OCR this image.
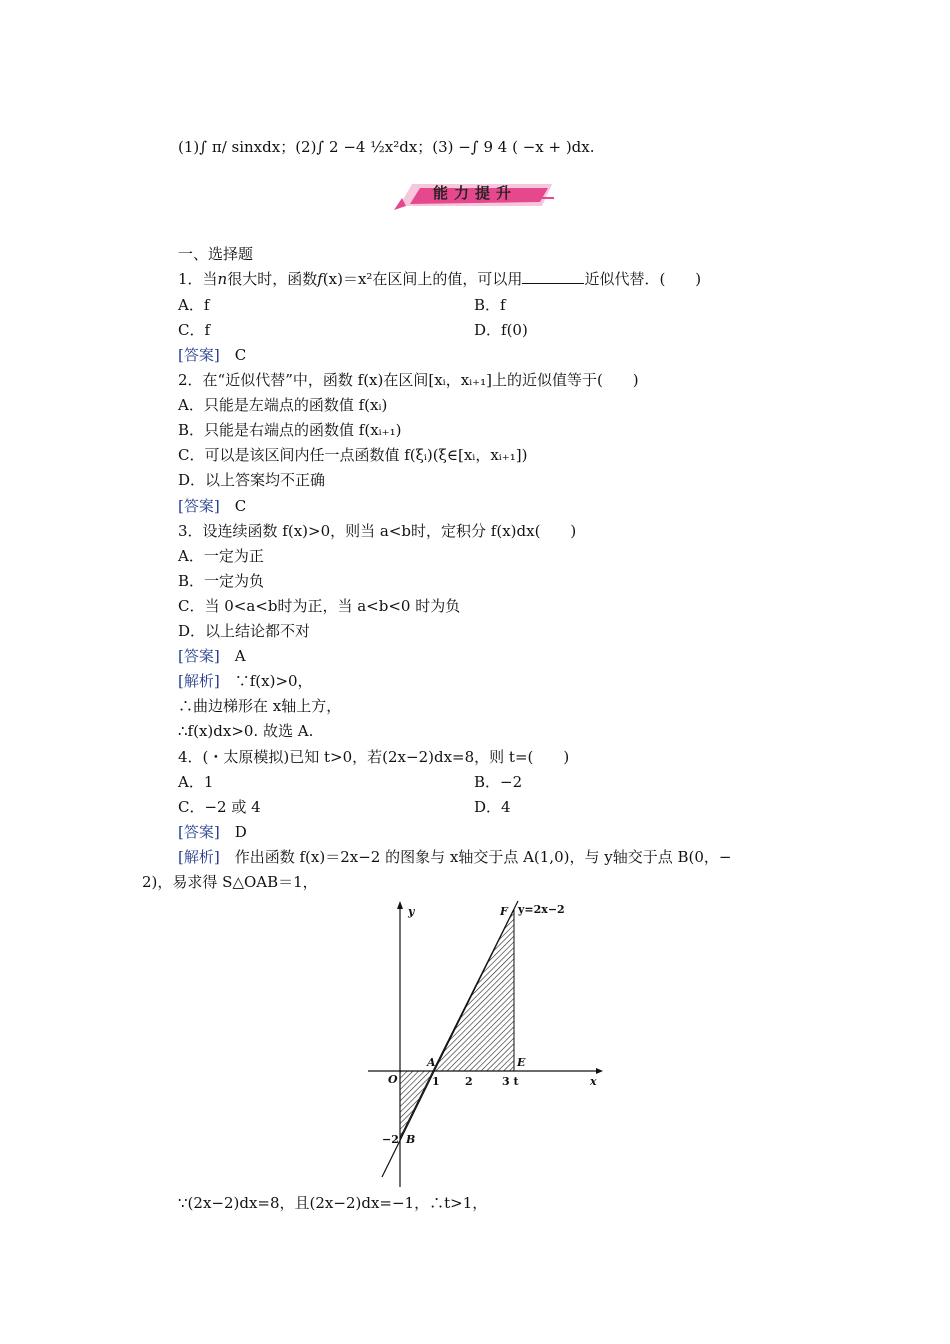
(1)∫ π/ sinxdx；(2)∫ 2 −4 ½x²dx；(3) −∫ 9 4 ( −x + )dx.
能力提升
一、选择题
1．当n很大时，函数f(x)＝x²在区间上的值，可以用	近似代替．(　　)
A．f	B．f
C．f	D．f(0)
[答案]　 C
2．在“近似代替”中，函数 f(x)在区间[xᵢ，xᵢ₊₁]上的近似值等于(　　)
A．只能是左端点的函数值 f(xᵢ)
B．只能是右端点的函数值 f(xᵢ₊₁)
C．可以是该区间内任一点函数值 f(ξᵢ)(ξ∈[xᵢ，xᵢ₊₁])
D．以上答案均不正确
[答案]　 C
3．设连续函数 f(x)>0，则当 a<b时，定积分 f(x)dx(　　)
A．一定为正
B．一定为负
C．当 0<a<b时为正，当 a<b<0 时为负
D．以上结论都不对
[答案]　 A
[解析]　 ∵f(x)>0，
∴曲边梯形在 x轴上方，
∴f(x)dx>0. 故选 A.
4．(・太原模拟)已知 t>0，若(2x−2)dx=8，则 t=(　　)
A．1	B．−2
C．−2 或 4	D．4
[答案]　 D
[解析]　作出函数 f(x)＝2x−2 的图象与 x轴交于点 A(1,0)，与 y轴交于点 B(0，−
2)，易求得 S△OAB＝1，
y
x
y=2x−2
F
A	E
O
B
1 2	3 t
−2
∵(2x−2)dx=8，且(2x−2)dx=−1，∴t>1，
